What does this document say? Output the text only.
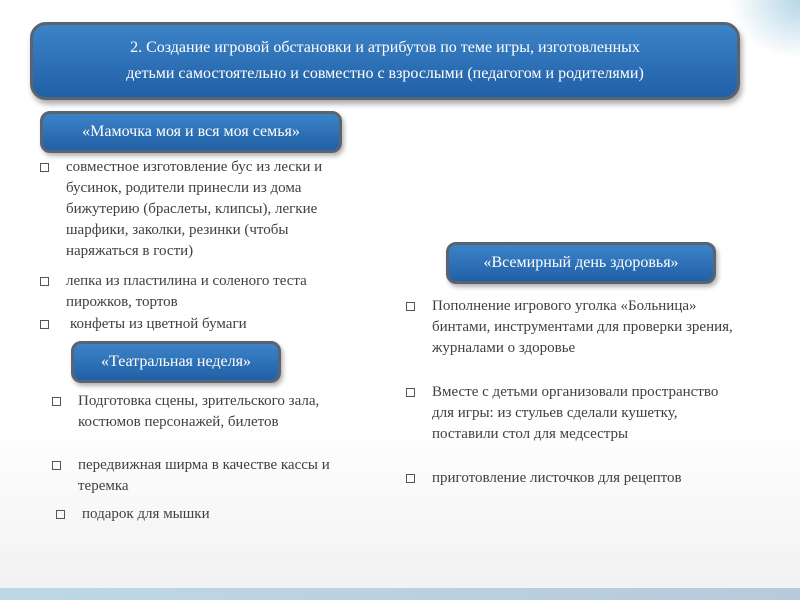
2. Создание игровой обстановки и атрибутов по теме игры, изготовленных
детьми самостоятельно и совместно с взрослыми (педагогом и родителями)
«Мамочка моя и вся моя семья»
совместное изготовление бус из лески и
бусинок, родители принесли из дома
бижутерию (браслеты, клипсы), легкие
шарфики, заколки, резинки (чтобы
наряжаться в гости)
лепка из пластилина и соленого теста
пирожков, тортов
конфеты из цветной бумаги
«Театральная неделя»
Подготовка сцены, зрительского зала,
костюмов персонажей, билетов
передвижная ширма в качестве кассы и
теремка
подарок для мышки
«Всемирный день здоровья»
Пополнение игрового уголка «Больница»
бинтами, инструментами для проверки зрения,
журналами о здоровье
Вместе с детьми организовали пространство
для игры: из стульев сделали кушетку,
поставили стол для медсестры
приготовление листочков для рецептов
